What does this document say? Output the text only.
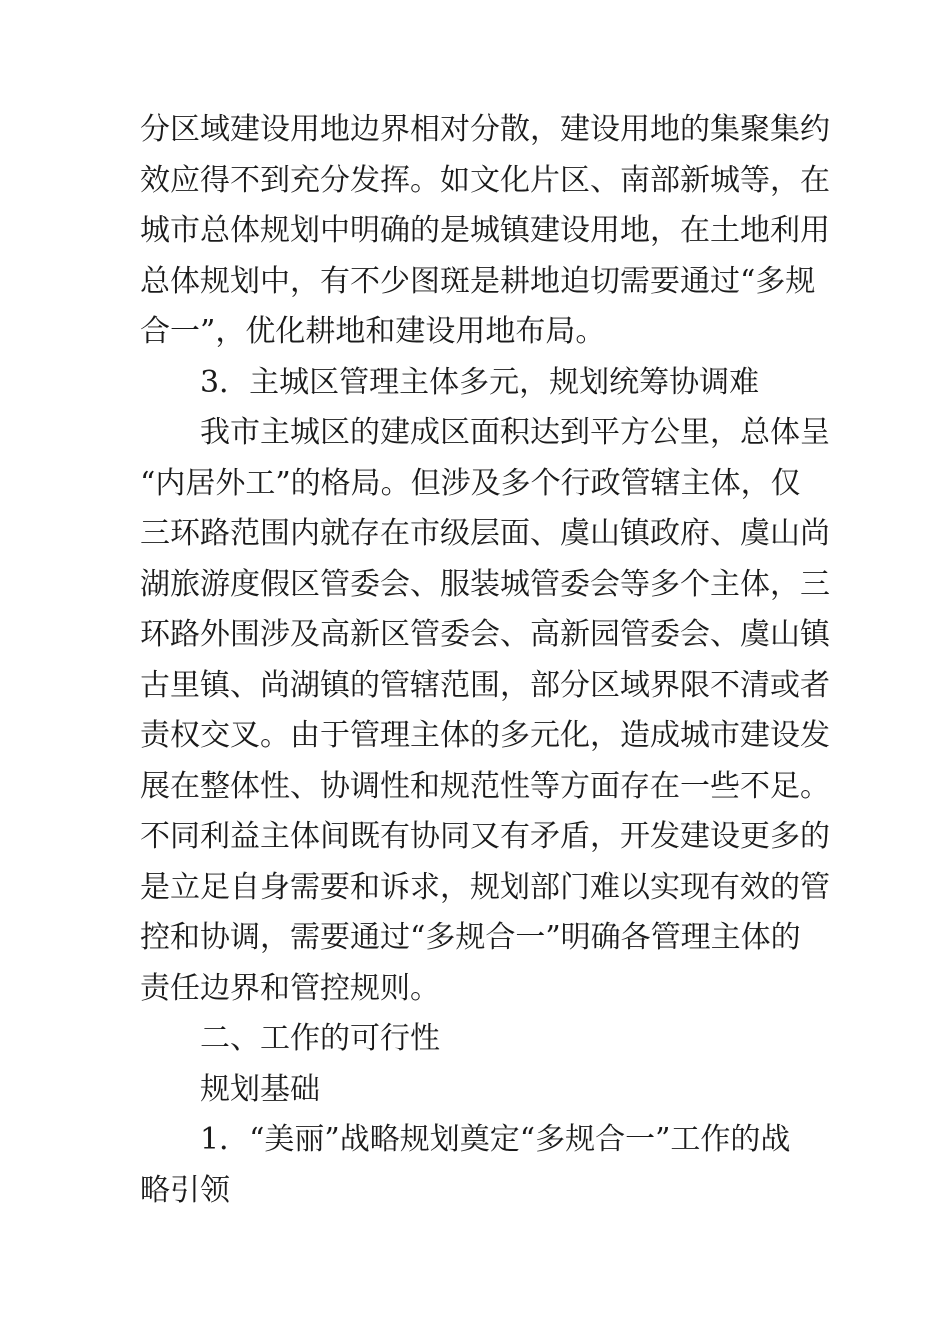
分区域建设用地边界相对分散，建设用地的集聚集约
效应得不到充分发挥。如文化片区、南部新城等，在
城市总体规划中明确的是城镇建设用地，在土地利用
总体规划中，有不少图斑是耕地迫切需要通过“多规
合一”，优化耕地和建设用地布局。
3．主城区管理主体多元，规划统筹协调难
我市主城区的建成区面积达到平方公里，总体呈
“内居外工”的格局。但涉及多个行政管辖主体，仅
三环路范围内就存在市级层面、虞山镇政府、虞山尚
湖旅游度假区管委会、服装城管委会等多个主体，三
环路外围涉及高新区管委会、高新园管委会、虞山镇
古里镇、尚湖镇的管辖范围，部分区域界限不清或者
责权交叉。由于管理主体的多元化，造成城市建设发
展在整体性、协调性和规范性等方面存在一些不足。
不同利益主体间既有协同又有矛盾，开发建设更多的
是立足自身需要和诉求，规划部门难以实现有效的管
控和协调，需要通过“多规合一”明确各管理主体的
责任边界和管控规则。
二、工作的可行性
规划基础
1．“美丽”战略规划奠定“多规合一”工作的战
略引领
